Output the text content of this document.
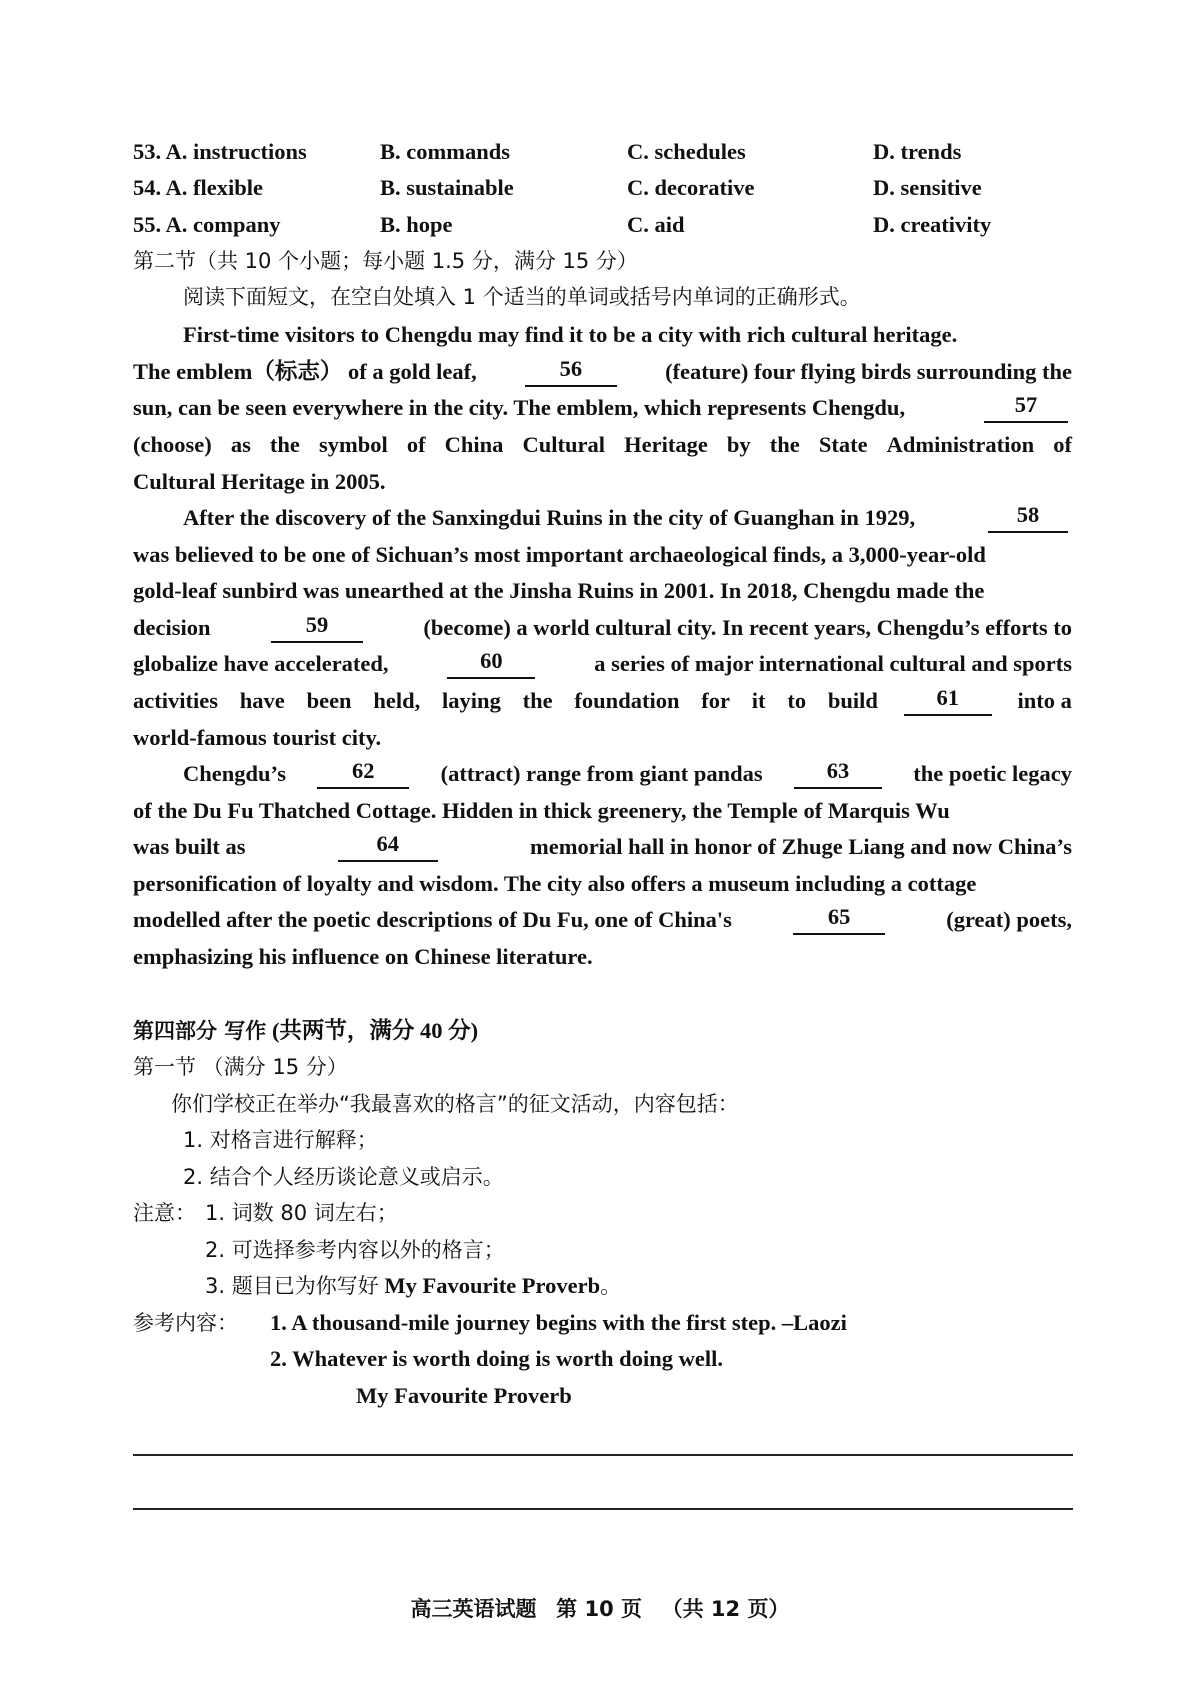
53. A. instructions	B. commands	C. schedules	D. trends
54. A. flexible	B. sustainable	C. decorative	D. sensitive
55. A. company	B. hope	C. aid	D. creativity
第二节（共 10 个小题；每小题 1.5 分，满分 15 分）
阅读下面短文，在空白处填入 1 个适当的单词或括号内单词的正确形式。
First-time visitors to Chengdu may find it to be a city with rich cultural heritage.
The emblem（标志） of a gold leaf,	56	(feature) four flying birds surrounding the
sun, can be seen everywhere in the city. The emblem, which represents Chengdu,	57
(choose) as the symbol of China Cultural Heritage by the State Administration of
Cultural Heritage in 2005.
After the discovery of the Sanxingdui Ruins in the city of Guanghan in 1929,	58
was believed to be one of Sichuan’s most important archaeological finds, a 3,000-year-old
gold-leaf sunbird was unearthed at the Jinsha Ruins in 2001. In 2018, Chengdu made the
decision	59	(become) a world cultural city. In recent years, Chengdu’s efforts to
globalize have accelerated,	60	a series of major international cultural and sports
activities have been held, laying the foundation for it to build	61	into a
world-famous tourist city.
Chengdu’s	62	(attract) range from giant pandas	63	the poetic legacy
of the Du Fu Thatched Cottage. Hidden in thick greenery, the Temple of Marquis Wu
was built as	64	memorial hall in honor of Zhuge Liang and now China’s
personification of loyalty and wisdom. The city also offers a museum including a cottage
modelled after the poetic descriptions of Du Fu, one of China's	65	(great) poets,
emphasizing his influence on Chinese literature.
第四部分 写作 (共两节，满分 40 分)
第一节 （满分 15 分）
你们学校正在举办“我最喜欢的格言”的征文活动，内容包括：
1. 对格言进行解释；
2. 结合个人经历谈论意义或启示。
注意： 1. 词数 80 词左右；
2. 可选择参考内容以外的格言；
3. 题目已为你写好 My Favourite Proverb。
参考内容： 1. A thousand-mile journey begins with the first step. –Laozi
2. Whatever is worth doing is worth doing well.
My Favourite Proverb
高三英语试题 第 10 页 （共 12 页）
